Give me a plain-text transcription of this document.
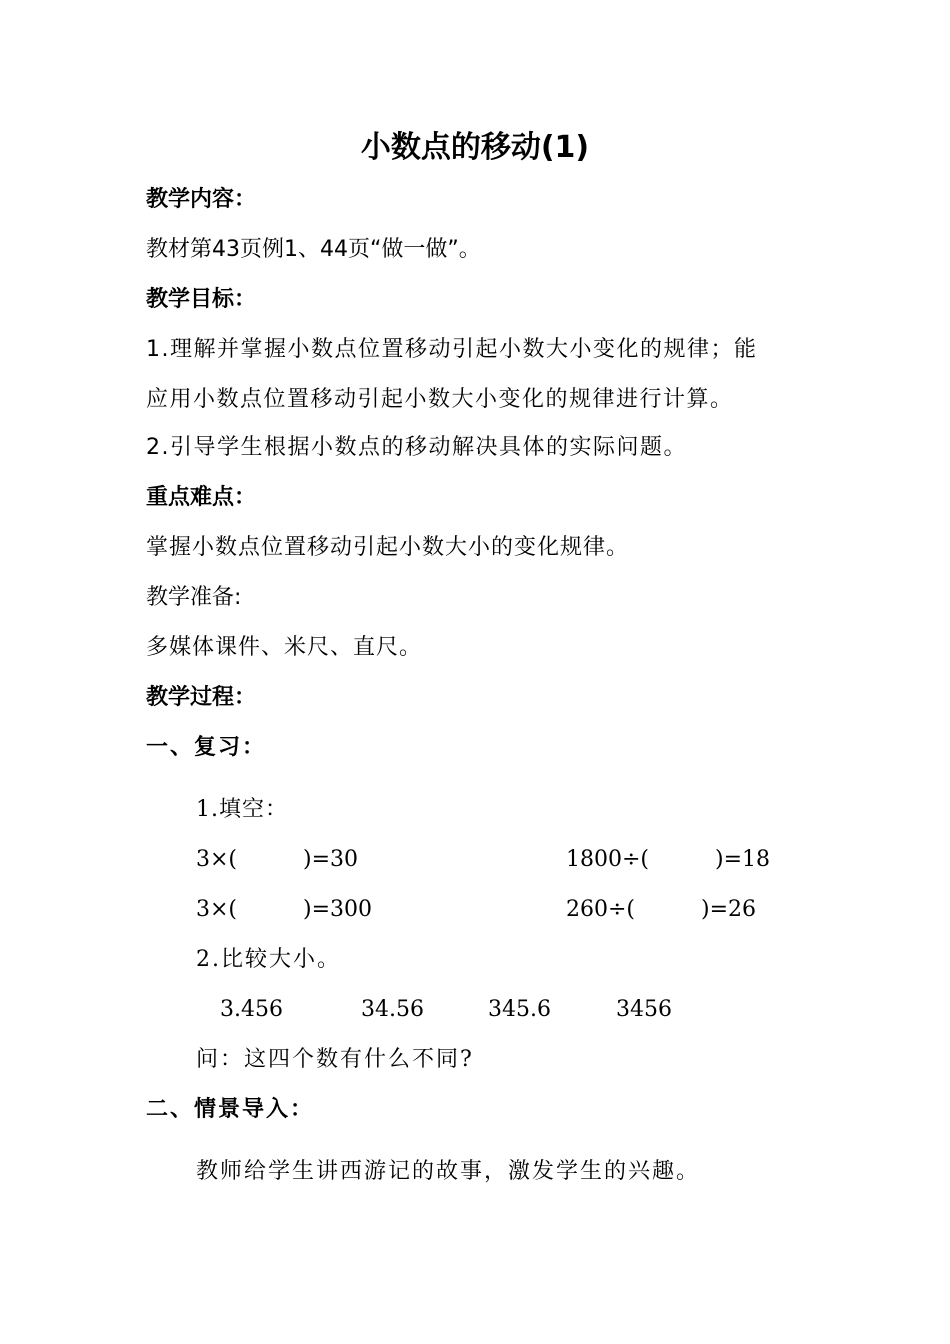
小数点的移动(1)
教学内容：
教材第43页例1、44页“做一做”。
教学目标：
1.理解并掌握小数点位置移动引起小数大小变化的规律；能
应用小数点位置移动引起小数大小变化的规律进行计算。
2.引导学生根据小数点的移动解决具体的实际问题。
重点难点：
掌握小数点位置移动引起小数大小的变化规律。
教学准备:
多媒体课件、米尺、直尺。
教学过程：
一、复习：
1.填空：
3×(　　　)=30	1800÷(　　　)=18
3×(　　　)=300	260÷(　　　)=26
2.比较大小。
3.456	34.56	345.6	3456
问：这四个数有什么不同?
二、情景导入：
教师给学生讲西游记的故事，激发学生的兴趣。
